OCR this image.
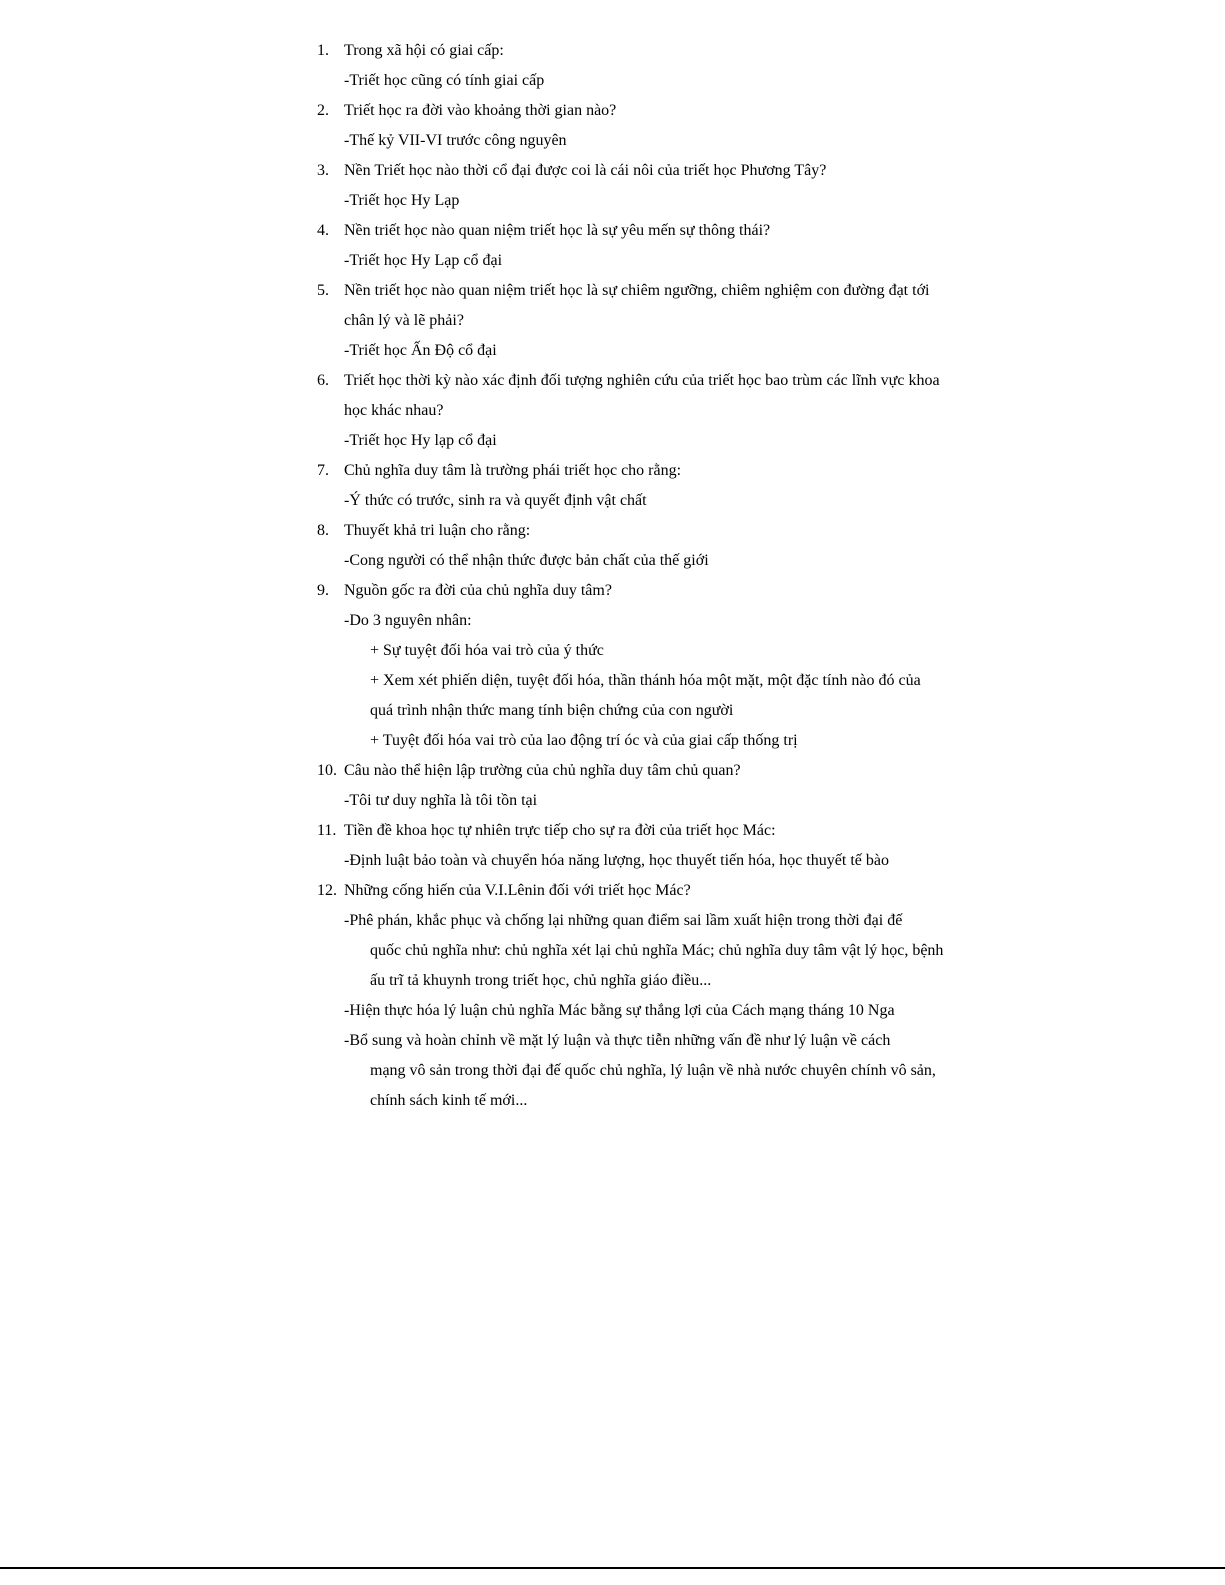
1. Trong xã hội có giai cấp:
-Triết học cũng có tính giai cấp
2. Triết học ra đời vào khoảng thời gian nào?
-Thế kỷ VII-VI trước công nguyên
3. Nền Triết học nào thời cổ đại được coi là cái nôi của triết học Phương Tây?
-Triết học Hy Lạp
4. Nền triết học nào quan niệm triết học là sự yêu mến sự thông thái?
-Triết học Hy Lạp cổ đại
5. Nền triết học nào quan niệm triết học là sự chiêm ngưỡng, chiêm nghiệm con đường đạt tới
chân lý và lẽ phải?
-Triết học Ấn Độ cổ đại
6. Triết học thời kỳ nào xác định đối tượng nghiên cứu của triết học bao trùm các lĩnh vực khoa
học khác nhau?
-Triết học Hy lạp cổ đại
7. Chủ nghĩa duy tâm là trường phái triết học cho rằng:
-Ý thức có trước, sinh ra và quyết định vật chất
8. Thuyết khả tri luận cho rằng:
-Cong người có thể nhận thức được bản chất của thế giới
9. Nguồn gốc ra đời của chủ nghĩa duy tâm?
-Do 3 nguyên nhân:
+ Sự tuyệt đối hóa vai trò của ý thức
+ Xem xét phiến diện, tuyệt đối hóa, thần thánh hóa một mặt, một đặc tính nào đó của
quá trình nhận thức mang tính biện chứng của con người
+ Tuyệt đối hóa vai trò của lao động trí óc và của giai cấp thống trị
10. Câu nào thể hiện lập trường của chủ nghĩa duy tâm chủ quan?
-Tôi tư duy nghĩa là tôi tồn tại
11. Tiền đề khoa học tự nhiên trực tiếp cho sự ra đời của triết học Mác:
-Định luật bảo toàn và chuyển hóa năng lượng, học thuyết tiến hóa, học thuyết tế bào
12. Những cống hiến của V.I.Lênin đối với triết học Mác?
-Phê phán, khắc phục và chống lại những quan điểm sai lầm xuất hiện trong thời đại đế
quốc chủ nghĩa như: chủ nghĩa xét lại chủ nghĩa Mác; chủ nghĩa duy tâm vật lý học, bệnh
ấu trĩ tả khuynh trong triết học, chủ nghĩa giáo điều...
-Hiện thực hóa lý luận chủ nghĩa Mác bằng sự thắng lợi của Cách mạng tháng 10 Nga
-Bổ sung và hoàn chỉnh về mặt lý luận và thực tiễn những vấn đề như lý luận về cách
mạng vô sản trong thời đại đế quốc chủ nghĩa, lý luận về nhà nước chuyên chính vô sản,
chính sách kinh tế mới...
